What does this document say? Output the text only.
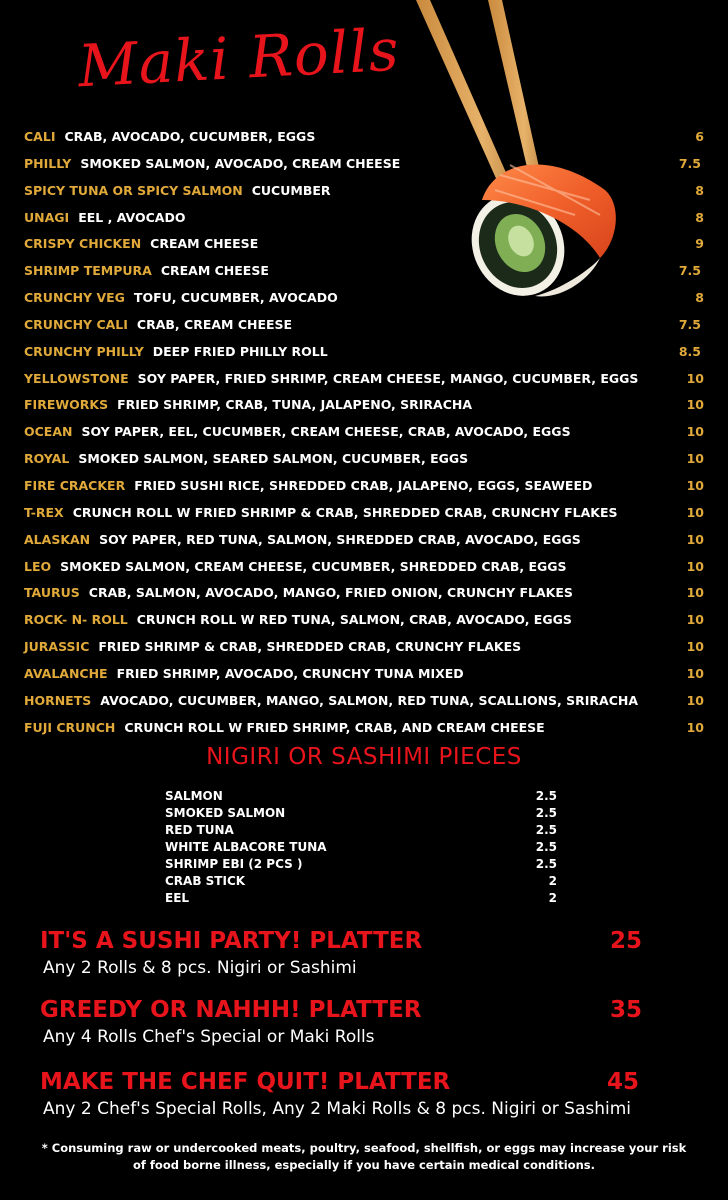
Maki Rolls
CALI CRAB, AVOCADO, CUCUMBER, EGGS	6
PHILLY SMOKED SALMON, AVOCADO, CREAM CHEESE	7.5
SPICY TUNA OR SPICY SALMON CUCUMBER	8
UNAGI EEL , AVOCADO	8
CRISPY CHICKEN CREAM CHEESE	9
SHRIMP TEMPURA CREAM CHEESE	7.5
CRUNCHY VEG TOFU, CUCUMBER, AVOCADO	8
CRUNCHY CALI CRAB, CREAM CHEESE	7.5
CRUNCHY PHILLY DEEP FRIED PHILLY ROLL	8.5
YELLOWSTONE SOY PAPER, FRIED SHRIMP, CREAM CHEESE, MANGO, CUCUMBER, EGGS	10
FIREWORKS FRIED SHRIMP, CRAB, TUNA, JALAPENO, SRIRACHA	10
OCEAN SOY PAPER, EEL, CUCUMBER, CREAM CHEESE, CRAB, AVOCADO, EGGS	10
ROYAL SMOKED SALMON, SEARED SALMON, CUCUMBER, EGGS	10
FIRE CRACKER FRIED SUSHI RICE, SHREDDED CRAB, JALAPENO, EGGS, SEAWEED	10
T-REX CRUNCH ROLL W FRIED SHRIMP & CRAB, SHREDDED CRAB, CRUNCHY FLAKES	10
ALASKAN SOY PAPER, RED TUNA, SALMON, SHREDDED CRAB, AVOCADO, EGGS	10
LEO SMOKED SALMON, CREAM CHEESE, CUCUMBER, SHREDDED CRAB, EGGS	10
TAURUS CRAB, SALMON, AVOCADO, MANGO, FRIED ONION, CRUNCHY FLAKES	10
ROCK- N- ROLL CRUNCH ROLL W RED TUNA, SALMON, CRAB, AVOCADO, EGGS	10
JURASSIC FRIED SHRIMP & CRAB, SHREDDED CRAB, CRUNCHY FLAKES	10
AVALANCHE FRIED SHRIMP, AVOCADO, CRUNCHY TUNA MIXED	10
HORNETS AVOCADO, CUCUMBER, MANGO, SALMON, RED TUNA, SCALLIONS, SRIRACHA	10
FUJI CRUNCH CRUNCH ROLL W FRIED SHRIMP, CRAB, AND CREAM CHEESE	10
NIGIRI OR SASHIMI PIECES
SALMON	2.5
SMOKED SALMON	2.5
RED TUNA	2.5
WHITE ALBACORE TUNA	2.5
SHRIMP EBI (2 PCS )	2.5
CRAB STICK	2
EEL	2
IT'S A SUSHI PARTY! PLATTER	25
Any 2 Rolls & 8 pcs. Nigiri or Sashimi
GREEDY OR NAHHH! PLATTER	35
Any 4 Rolls Chef's Special or Maki Rolls
MAKE THE CHEF QUIT! PLATTER	45
Any 2 Chef's Special Rolls, Any 2 Maki Rolls & 8 pcs. Nigiri or Sashimi

* Consuming raw or undercooked meats, poultry, seafood, shellfish, or eggs may increase your risk of food borne illness, especially if you have certain medical conditions.
